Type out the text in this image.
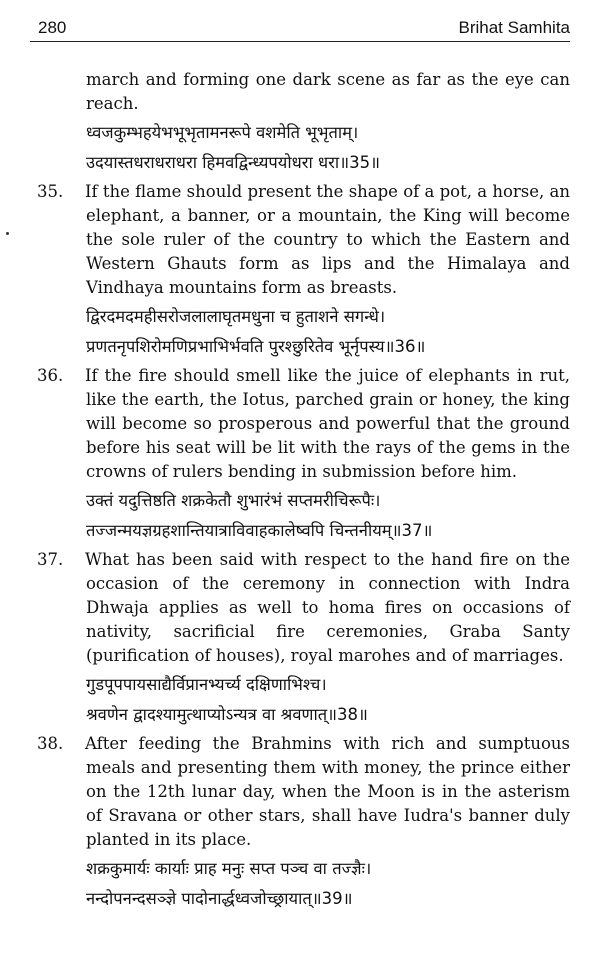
280	Brihat Samhita

march and forming one dark scene as far as the eye can reach.

ध्वजकुम्भहयेभभूभृतामनरूपे वशमेति भूभृताम्।
उदयास्तधराधराधरा हिमवद्विन्ध्यपयोधरा धरा॥35॥

35. If the flame should present the shape of a pot, a horse, an elephant, a banner, or a mountain, the King will become the sole ruler of the country to which the Eastern and Western Ghauts form as lips and the Himalaya and Vindhaya mountains form as breasts.

द्विरदमदमहीसरोजलालाघृतमधुना च हुताशने सगन्धे।
प्रणतनृपशिरोमणिप्रभाभिर्भवति पुरश्छुरितेव भूर्नृपस्य॥36॥

36. If the fire should smell like the juice of elephants in rut, like the earth, the Iotus, parched grain or honey, the king will become so prosperous and powerful that the ground before his seat will be lit with the rays of the gems in the crowns of rulers bending in submission before him.

उक्तं यदुत्तिष्ठति शक्रकेतौ शुभारंभं सप्तमरीचिरूपैः।
तज्जन्मयज्ञग्रहशान्तियात्राविवाहकालेष्वपि चिन्तनीयम्॥37॥

37. What has been said with respect to the hand fire on the occasion of the ceremony in connection with Indra Dhwaja applies as well to homa fires on occasions of nativity, sacrificial fire ceremonies, Graba Santy (purification of houses), royal marohes and of marriages.

गुडपूपपायसाद्यैर्विप्रानभ्यर्च्य दक्षिणाभिश्च।
श्रवणेन द्वादश्यामुत्थाप्योऽन्यत्र वा श्रवणात्॥38॥

38. After feeding the Brahmins with rich and sumptuous meals and presenting them with money, the prince either on the 12th lunar day, when the Moon is in the asterism of Sravana or other stars, shall have Iudra's banner duly planted in its place.

शक्रकुमार्यः कार्याः प्राह मनुः सप्त पञ्च वा तज्ज्ञैः।
नन्दोपनन्दसञ्ज्ञे पादोनार्द्धध्वजोच्छ्रायात्॥39॥
